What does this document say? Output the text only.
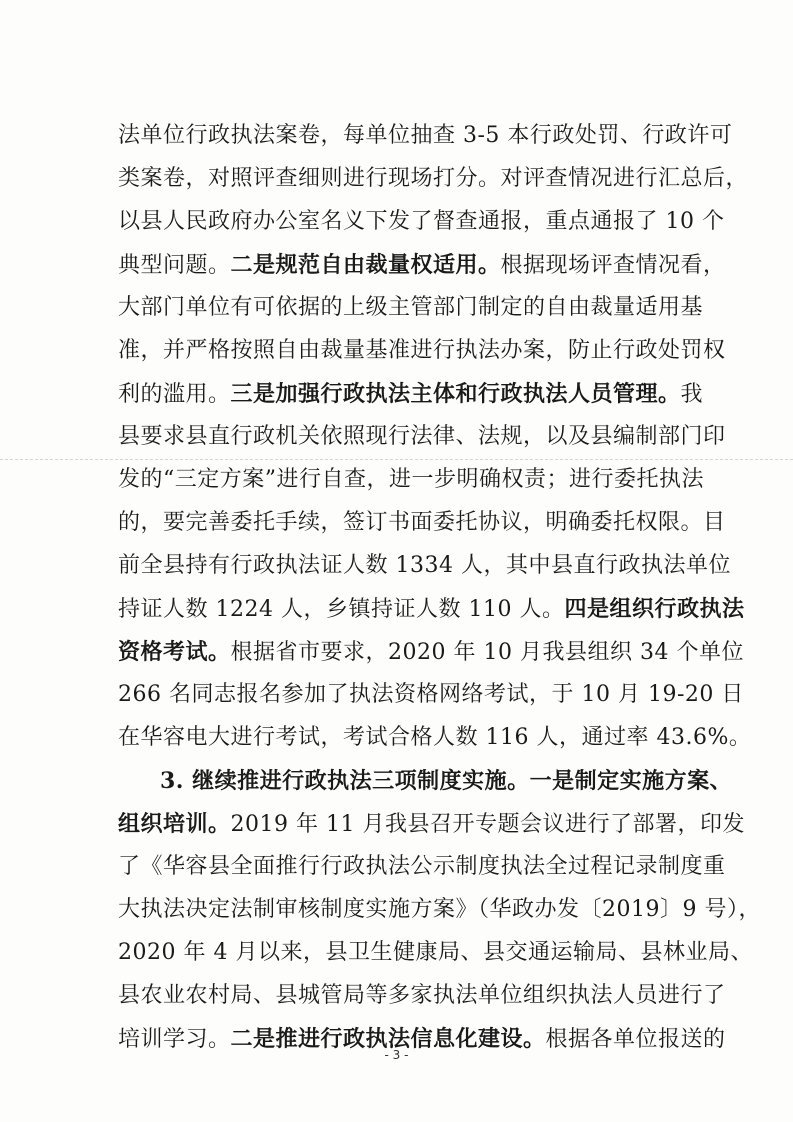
法单位行政执法案卷，每单位抽查 3-5 本行政处罚、行政许可
类案卷，对照评查细则进行现场打分。对评查情况进行汇总后，
以县人民政府办公室名义下发了督查通报，重点通报了 10 个
典型问题。二是规范自由裁量权适用。根据现场评查情况看，
大部门单位有可依据的上级主管部门制定的自由裁量适用基
准，并严格按照自由裁量基准进行执法办案，防止行政处罚权
利的滥用。三是加强行政执法主体和行政执法人员管理。我
县要求县直行政机关依照现行法律、法规，以及县编制部门印
发的“三定方案”进行自查，进一步明确权责；进行委托执法
的，要完善委托手续，签订书面委托协议，明确委托权限。目
前全县持有行政执法证人数 1334 人，其中县直行政执法单位
持证人数 1224 人，乡镇持证人数 110 人。四是组织行政执法
资格考试。根据省市要求，2020 年 10 月我县组织 34 个单位
266 名同志报名参加了执法资格网络考试，于 10 月 19-20 日
在华容电大进行考试，考试合格人数 116 人，通过率 43.6%。
3. 继续推进行政执法三项制度实施。一是制定实施方案、
组织培训。2019 年 11 月我县召开专题会议进行了部署，印发
了《华容县全面推行行政执法公示制度执法全过程记录制度重
大执法决定法制审核制度实施方案》（华政办发〔2019〕9 号），
2020 年 4 月以来，县卫生健康局、县交通运输局、县林业局、
县农业农村局、县城管局等多家执法单位组织执法人员进行了
培训学习。二是推进行政执法信息化建设。根据各单位报送的
- 3 -
